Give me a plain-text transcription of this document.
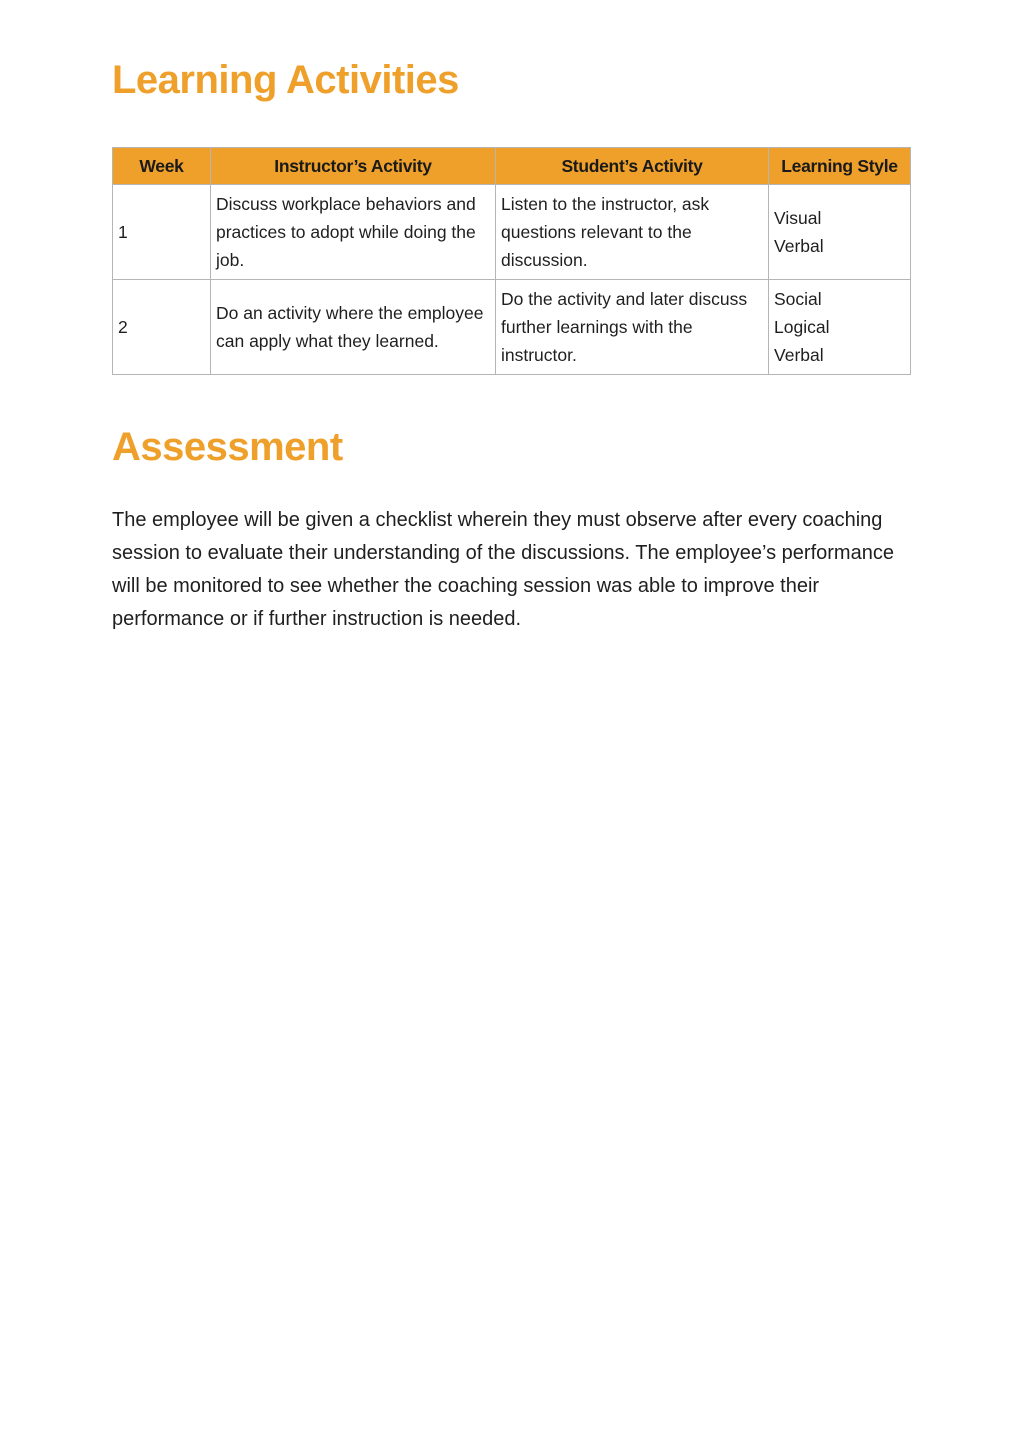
Learning Activities
Week	Instructor’s Activity	Student’s Activity	Learning Style
1	Discuss workplace behaviors and practices to adopt while doing the job.	Listen to the instructor, ask questions relevant to the discussion.	Visual
Verbal

2	Do an activity where the employee can apply what they learned.	Do the activity and later discuss further learnings with the instructor.	Social
Logical
Verbal
Assessment

The employee will be given a checklist wherein they must observe after every coaching session to evaluate their understanding of the discussions. The employee’s performance will be monitored to see whether the coaching session was able to improve their performance or if further instruction is needed.
